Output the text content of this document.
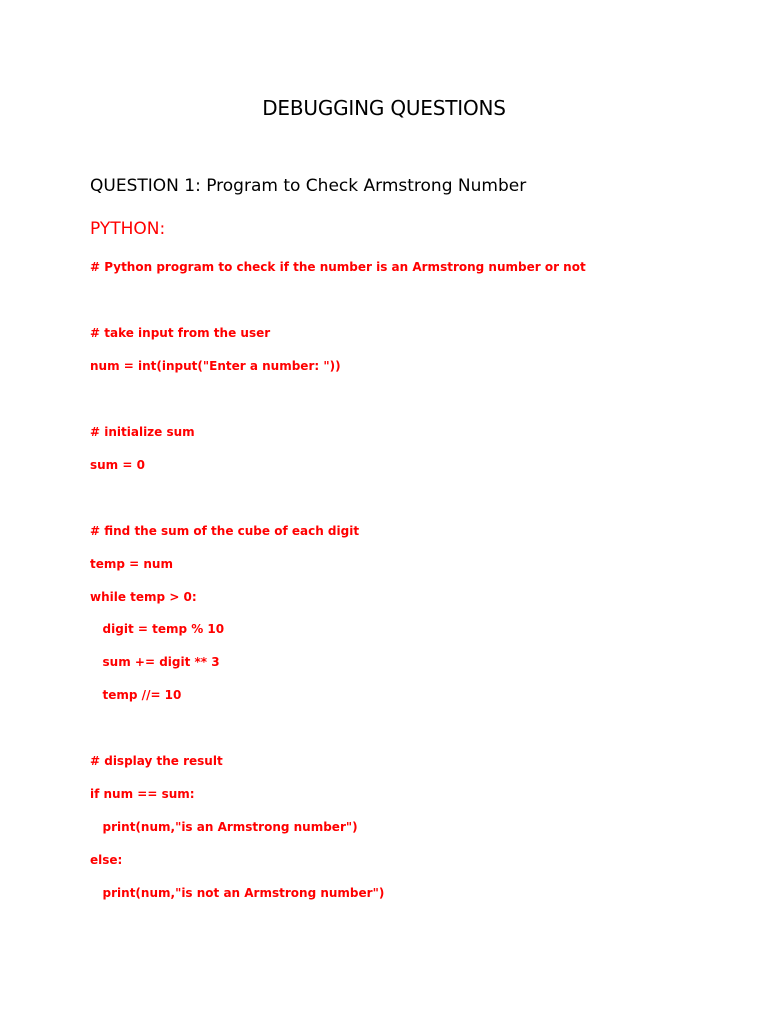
DEBUGGING QUESTIONS
QUESTION 1: Program to Check Armstrong Number
PYTHON:
# Python program to check if the number is an Armstrong number or not
# take input from the user
num = int(input("Enter a number: "))
# initialize sum
sum = 0
# find the sum of the cube of each digit
temp = num
while temp > 0:
digit = temp % 10
sum += digit ** 3
temp //= 10
# display the result
if num == sum:
print(num,"is an Armstrong number")
else:
print(num,"is not an Armstrong number")
